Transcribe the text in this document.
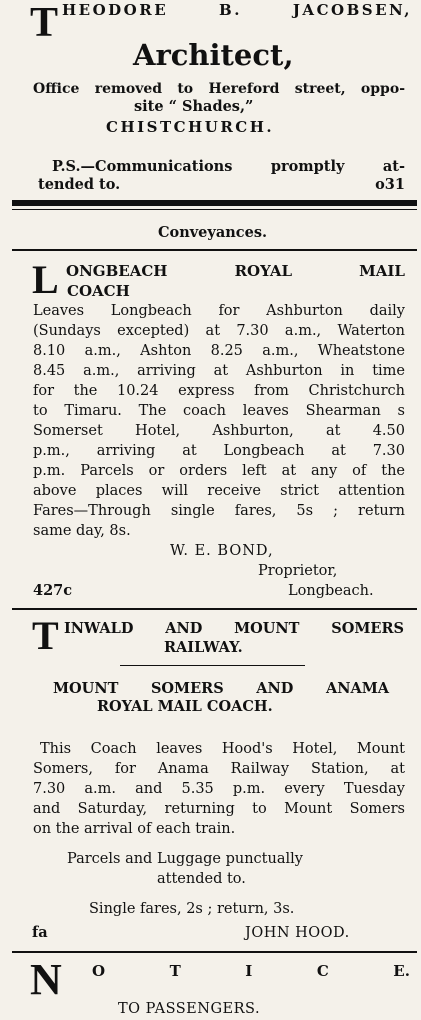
T HEODORE B. JACOBSEN,
Architect,
Office removed to Hereford street, oppo-
site “ Shades,”
CHISTCHURCH.
P.S.—Communications promptly at-
tended to.	o31
Conveyances.
L ONGBEACH	ROYAL	MAIL
COACH
Leaves Longbeach for Ashburton daily
(Sundays excepted) at 7.30 a.m., Waterton
8.10 a.m., Ashton 8.25 a.m., Wheatstone
8.45 a.m., arriving at Ashburton in time
for the 10.24 express from Christchurch
to Timaru. The coach leaves Shearman s
Somerset Hotel, Ashburton, at 4.50
p.m., arriving at Longbeach at 7.30
p.m. Parcels or orders left at any of the
above places will receive strict attention
Fares—Through single fares, 5s ; return
same day, 8s.
W. E. BOND,
Proprietor,
427c	Longbeach.
T INWALD AND MOUNT SOMERS
RAILWAY.
MOUNT SOMERS AND ANAMA
ROYAL MAIL COACH.
This Coach leaves Hood's Hotel, Mount
Somers, for Anama Railway Station, at
7.30 a.m. and 5.35 p.m. every Tuesday
and Saturday, returning to Mount Somers
on the arrival of each train.
Parcels and Luggage punctually
attended to.
Single fares, 2s ; return, 3s.
fa	JOHN HOOD.
N O	T	I	C	E.
TO PASSENGERS.
